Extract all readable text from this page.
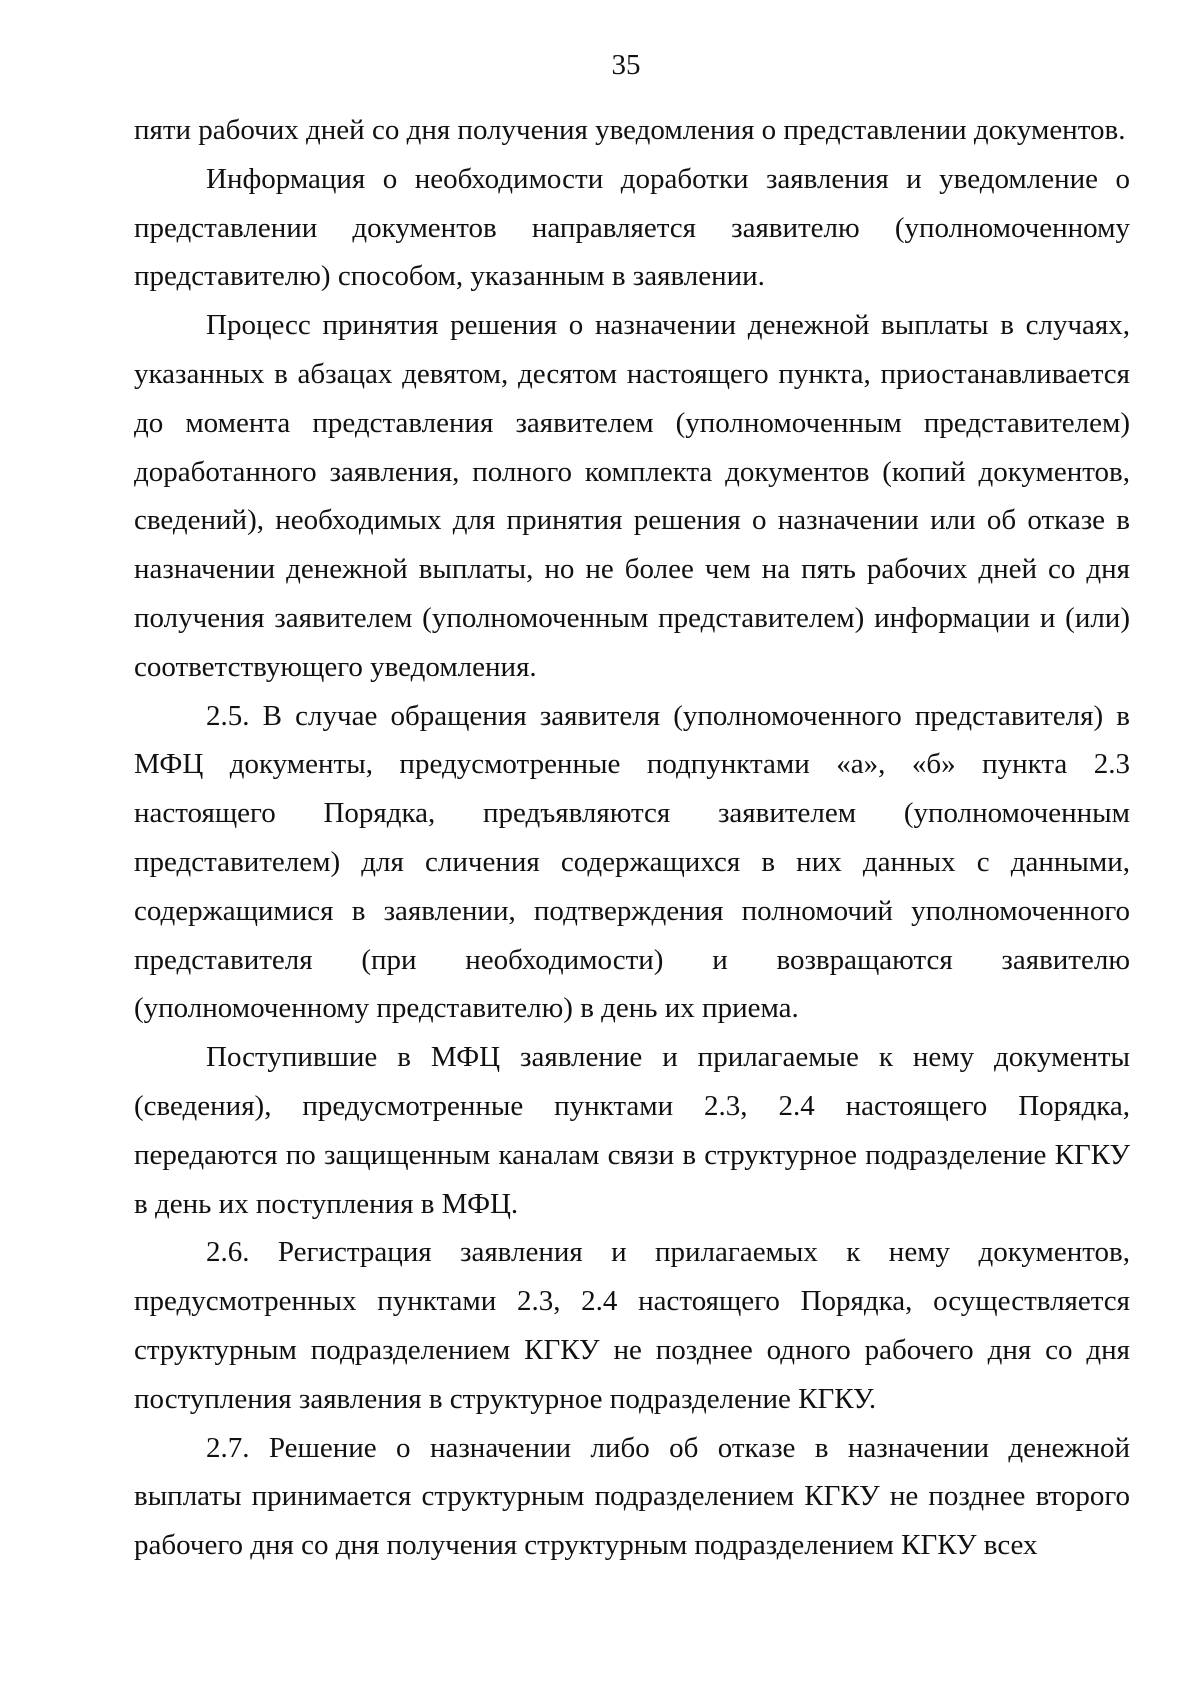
35

пяти рабочих дней со дня получения уведомления о представлении документов.

Информация о необходимости доработки заявления и уведомление о представлении документов направляется заявителю (уполномоченному представителю) способом, указанным в заявлении.

Процесс принятия решения о назначении денежной выплаты в случаях, указанных в абзацах девятом, десятом настоящего пункта, приостанавливается до момента представления заявителем (уполномоченным представителем) доработанного заявления, полного комплекта документов (копий документов, сведений), необходимых для принятия решения о назначении или об отказе в назначении денежной выплаты, но не более чем на пять рабочих дней со дня получения заявителем (уполномоченным представителем) информации и (или) соответствующего уведомления.

2.5. В случае обращения заявителя (уполномоченного представителя) в МФЦ документы, предусмотренные подпунктами «а», «б» пункта 2.3 настоящего Порядка, предъявляются заявителем (уполномоченным представителем) для сличения содержащихся в них данных с данными, содержащимися в заявлении, подтверждения полномочий уполномоченного представителя (при необходимости) и возвращаются заявителю (уполномоченному представителю) в день их приема.

Поступившие в МФЦ заявление и прилагаемые к нему документы (сведения), предусмотренные пунктами 2.3, 2.4 настоящего Порядка, передаются по защищенным каналам связи в структурное подразделение КГКУ в день их поступления в МФЦ.

2.6. Регистрация заявления и прилагаемых к нему документов, предусмотренных пунктами 2.3, 2.4 настоящего Порядка, осуществляется структурным подразделением КГКУ не позднее одного рабочего дня со дня поступления заявления в структурное подразделение КГКУ.

2.7. Решение о назначении либо об отказе в назначении денежной выплаты принимается структурным подразделением КГКУ не позднее второго рабочего дня со дня получения структурным подразделением КГКУ всех
